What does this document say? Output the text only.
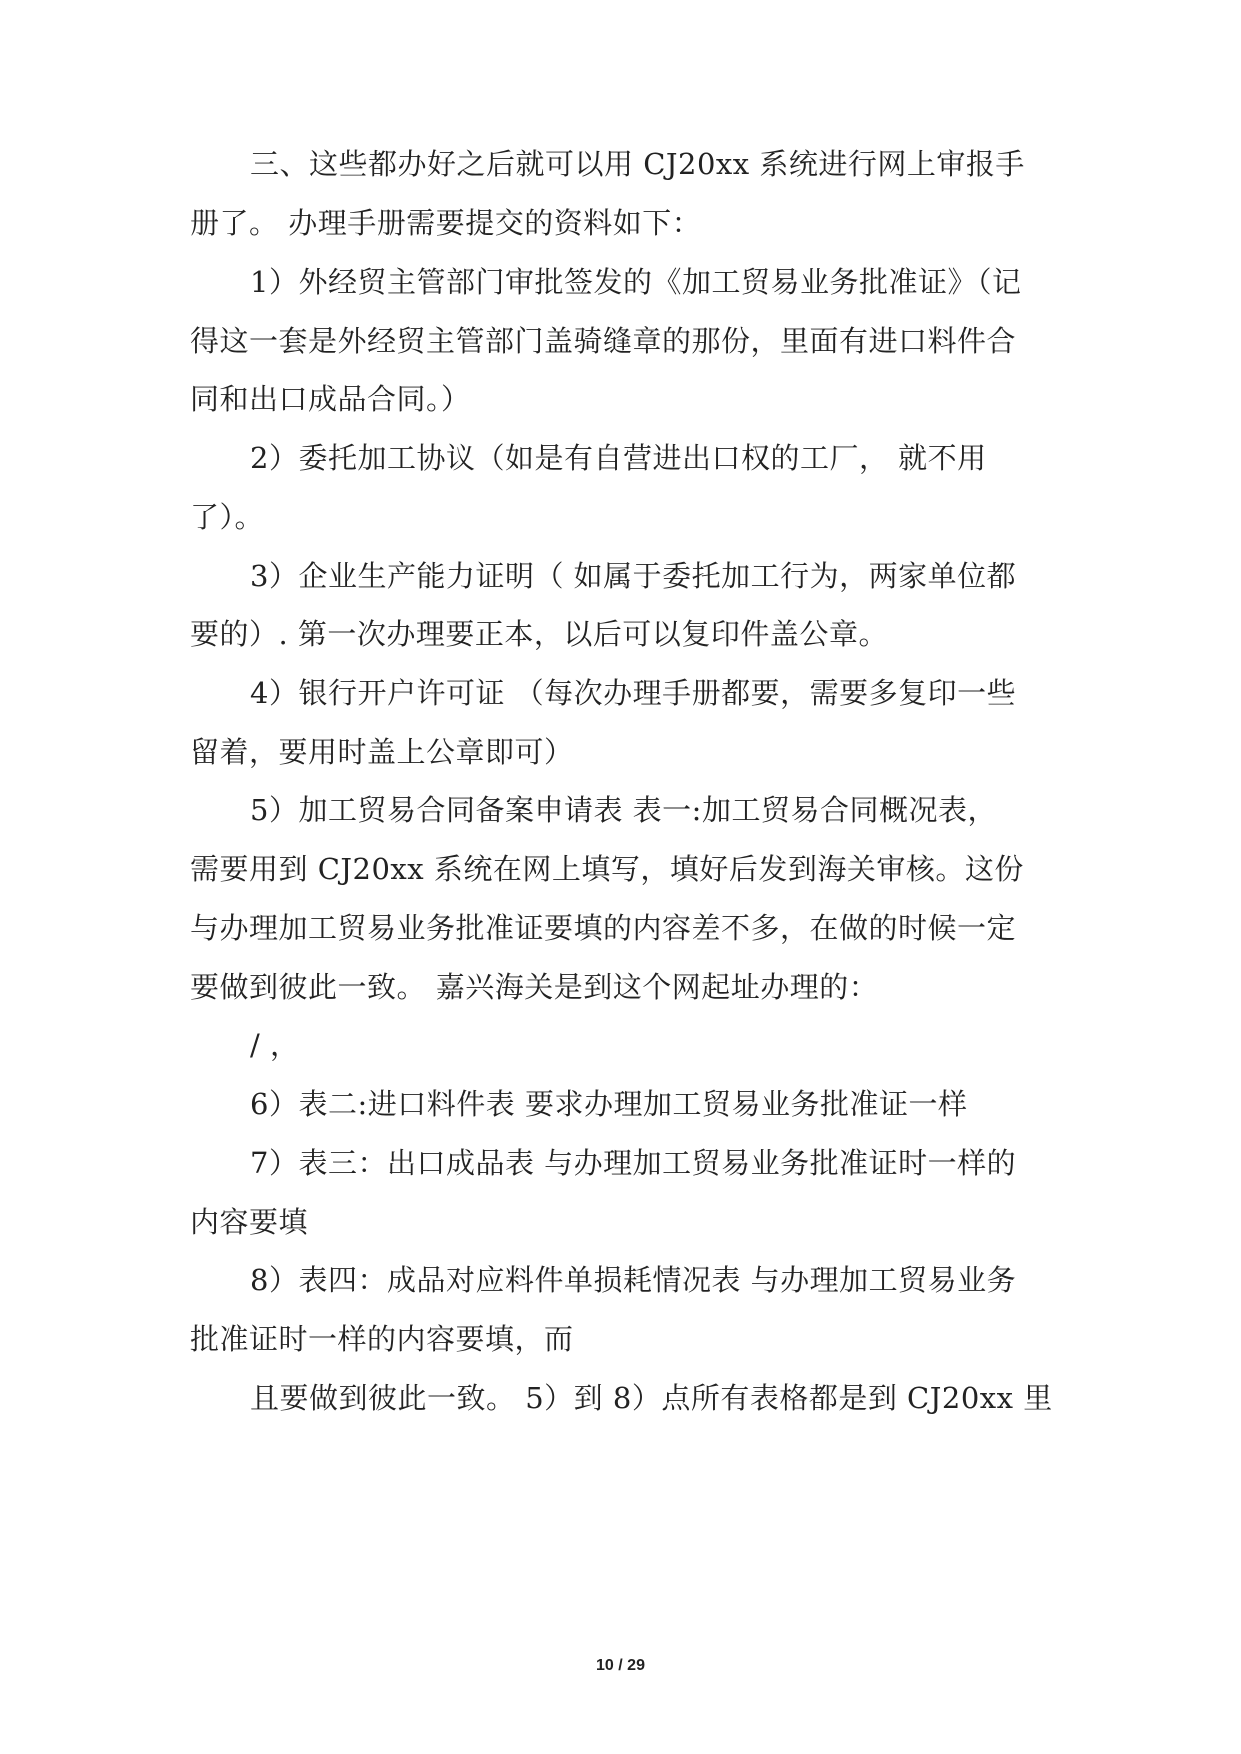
三、这些都办好之后就可以用 CJ20xx 系统进行网上审报手
册了。 办理手册需要提交的资料如下：
1）外经贸主管部门审批签发的《加工贸易业务批准证》（记
得这一套是外经贸主管部门盖骑缝章的那份，里面有进口料件合
同和出口成品合同。）
2）委托加工协议（如是有自营进出口权的工厂， 就不用
了）。
3）企业生产能力证明（ 如属于委托加工行为，两家单位都
要的）. 第一次办理要正本，以后可以复印件盖公章。
4）银行开户许可证 （每次办理手册都要，需要多复印一些
留着，要用时盖上公章即可）
5）加工贸易合同备案申请表 表一:加工贸易合同概况表，
需要用到 CJ20xx 系统在网上填写，填好后发到海关审核。这份
与办理加工贸易业务批准证要填的内容差不多，在做的时候一定
要做到彼此一致。 嘉兴海关是到这个网起址办理的：
/ ，
6）表二:进口料件表 要求办理加工贸易业务批准证一样
7）表三：出口成品表 与办理加工贸易业务批准证时一样的
内容要填
8）表四：成品对应料件单损耗情况表 与办理加工贸易业务
批准证时一样的内容要填，而
且要做到彼此一致。 5）到 8）点所有表格都是到 CJ20xx 里
10 / 29
